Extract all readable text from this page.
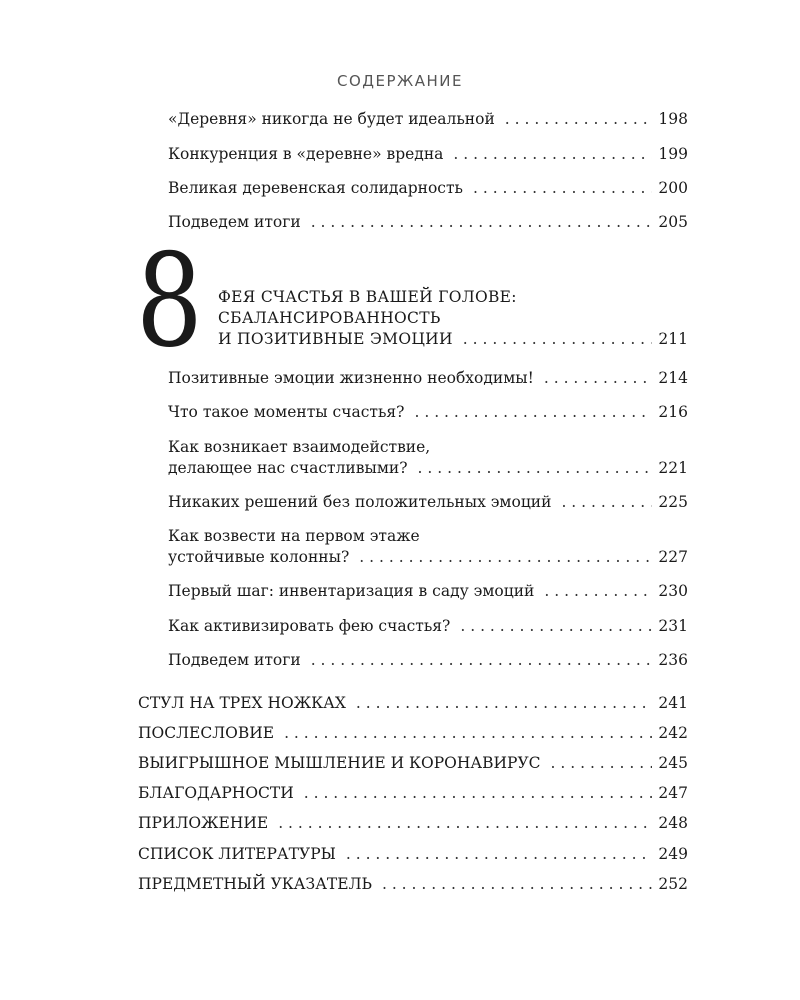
СОДЕРЖАНИЕ
«Деревня» никогда не будет идеальной . . .	198
Конкуренция в «деревне» вредна . . .	199
Великая деревенская солидарность . . .	200
Подведем итоги . . .	205
8 ФЕЯ СЧАСТЬЯ В ВАШЕЙ ГОЛОВЕ:
СБАЛАНСИРОВАННОСТЬ
И ПОЗИТИВНЫЕ ЭМОЦИИ . . .	211
Позитивные эмоции жизненно необходимы! . . .	214
Что такое моменты счастья? . . .	216
Как возникает взаимодействие,
делающее нас счастливыми? . . .	221
Никаких решений без положительных эмоций . . .	225
Как возвести на первом этаже
устойчивые колонны? . . .	227
Первый шаг: инвентаризация в саду эмоций . . .	230
Как активизировать фею счастья? . . .	231
Подведем итоги . . .	236
СТУЛ НА ТРЕХ НОЖКАХ . . .	241
ПОСЛЕСЛОВИЕ . . .	242
ВЫИГРЫШНОЕ МЫШЛЕНИЕ И КОРОНАВИРУС . . .	245
БЛАГОДАРНОСТИ . . .	247
ПРИЛОЖЕНИЕ . . .	248
СПИСОК ЛИТЕРАТУРЫ . . .	249
ПРЕДМЕТНЫЙ УКАЗАТЕЛЬ . . .	252
